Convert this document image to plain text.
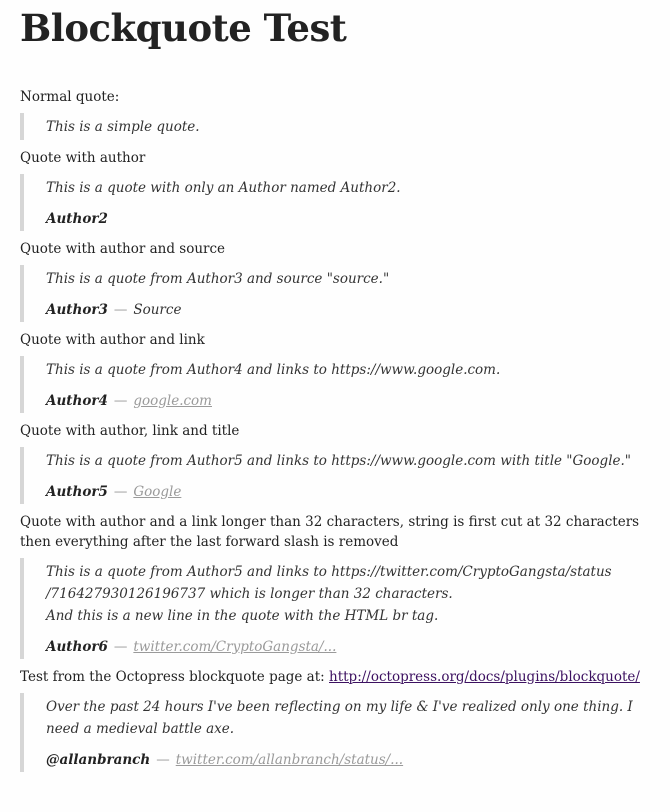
Blockquote Test

Normal quote:

This is a simple quote.

Quote with author

This is a quote with only an Author named Author2.

Author2

Quote with author and source

This is a quote from Author3 and source "source."

Author3 — Source

Quote with author and link

This is a quote from Author4 and links to https://www.google.com.

Author4 — google.com

Quote with author, link and title

This is a quote from Author5 and links to https://www.google.com with title "Google."

Author5 — Google

Quote with author and a link longer than 32 characters, string is first cut at 32 characters then everything after the last forward slash is removed

This is a quote from Author5 and links to https://twitter.com/CryptoGangsta/status
/716427930126196737 which is longer than 32 characters.
And this is a new line in the quote with the HTML br tag.

Author6 — twitter.com/CryptoGangsta/...

Test from the Octopress blockquote page at: http://octopress.org/docs/plugins/blockquote/

Over the past 24 hours I've been reflecting on my life & I've realized only one thing. I need a medieval battle axe.

@allanbranch — twitter.com/allanbranch/status/...
